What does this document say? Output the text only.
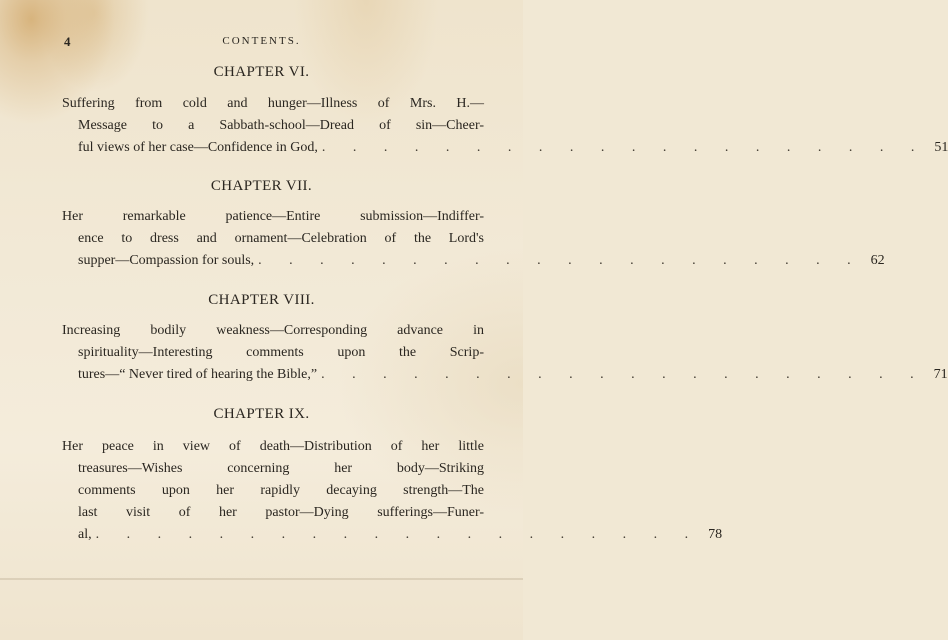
4	CONTENTS.
CHAPTER VI.
Suffering from cold and hunger—Illness of Mrs. H.—
Message to a Sabbath-school—Dread of sin—Cheer-
ful views of her case—Confidence in God, . . . . . . . . . . . . . . . . . . . . 51
CHAPTER VII.
Her remarkable patience—Entire submission—Indiffer-
ence to dress and ornament—Celebration of the Lord's
supper—Compassion for souls, . . . . . . . . . . . . . . . . . . . . 62
CHAPTER VIII.
Increasing bodily weakness—Corresponding advance in
spirituality—Interesting comments upon the Scrip-
tures—“ Never tired of hearing the Bible,” . . . . . . . . . . . . . . . . . . . . 71
CHAPTER IX.
Her peace in view of death—Distribution of her little
treasures—Wishes concerning her body—Striking
comments upon her rapidly decaying strength—The
last visit of her pastor—Dying sufferings—Funer-
al, . . . . . . . . . . . . . . . . . . . . 78
